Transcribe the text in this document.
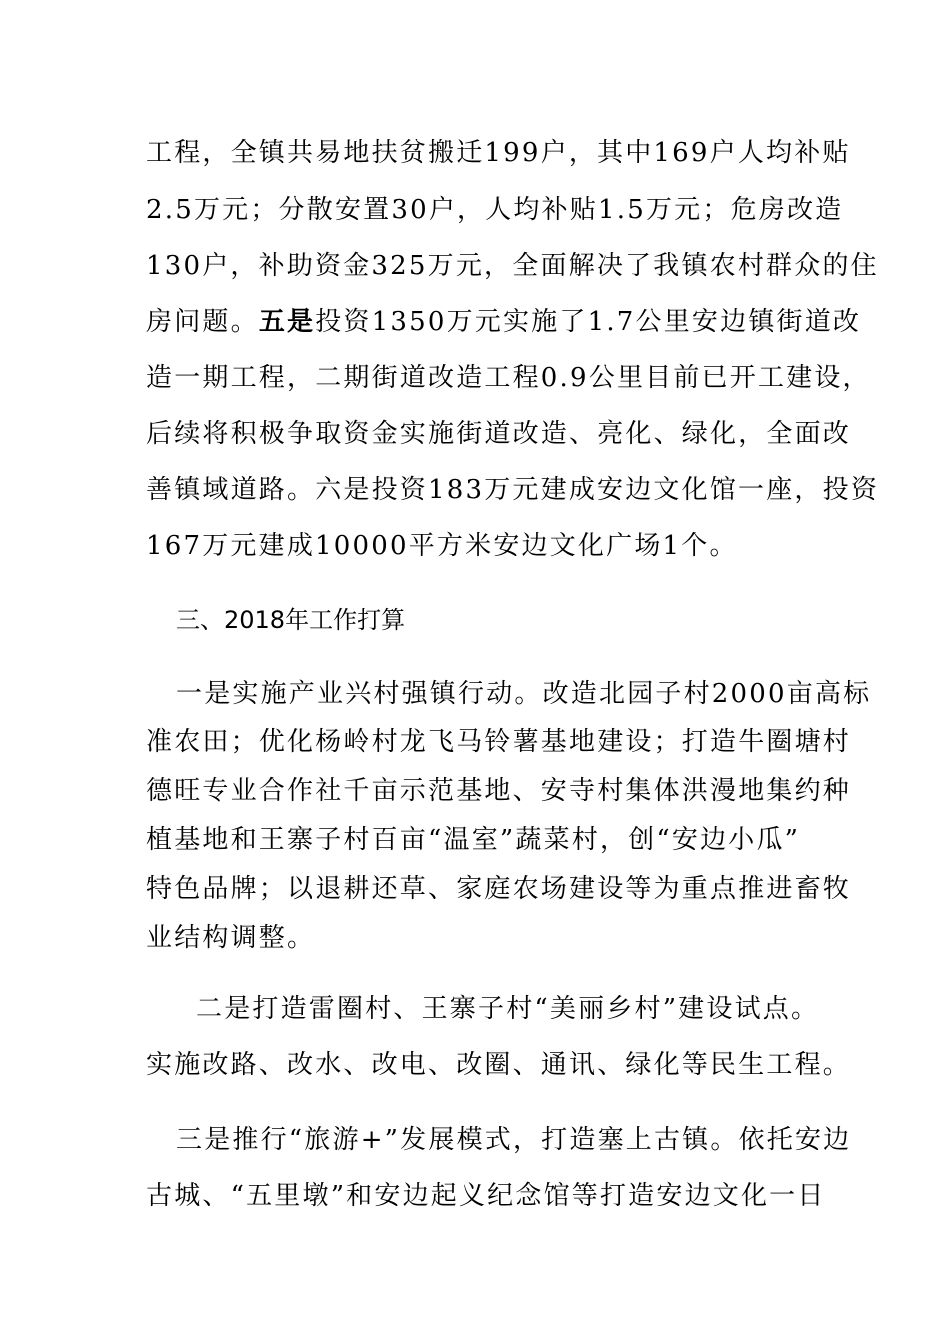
工程，全镇共易地扶贫搬迁199户，其中169户人均补贴
2.5万元；分散安置30户，人均补贴1.5万元；危房改造
130户，补助资金325万元，全面解决了我镇农村群众的住
房问题。五是投资1350万元实施了1.7公里安边镇街道改
造一期工程，二期街道改造工程0.9公里目前已开工建设，
后续将积极争取资金实施街道改造、亮化、绿化，全面改
善镇域道路。六是投资183万元建成安边文化馆一座，投资
167万元建成10000平方米安边文化广场1个。
三、2018年工作打算
一是实施产业兴村强镇行动。改造北园子村2000亩高标
准农田；优化杨岭村龙飞马铃薯基地建设；打造牛圈塘村
德旺专业合作社千亩示范基地、安寺村集体洪漫地集约种
植基地和王寨子村百亩“温室”蔬菜村，创“安边小瓜”
特色品牌；以退耕还草、家庭农场建设等为重点推进畜牧
业结构调整。
二是打造雷圈村、王寨子村“美丽乡村”建设试点。
实施改路、改水、改电、改圈、通讯、绿化等民生工程。
三是推行“旅游+”发展模式，打造塞上古镇。依托安边
古城、“五里墩”和安边起义纪念馆等打造安边文化一日
